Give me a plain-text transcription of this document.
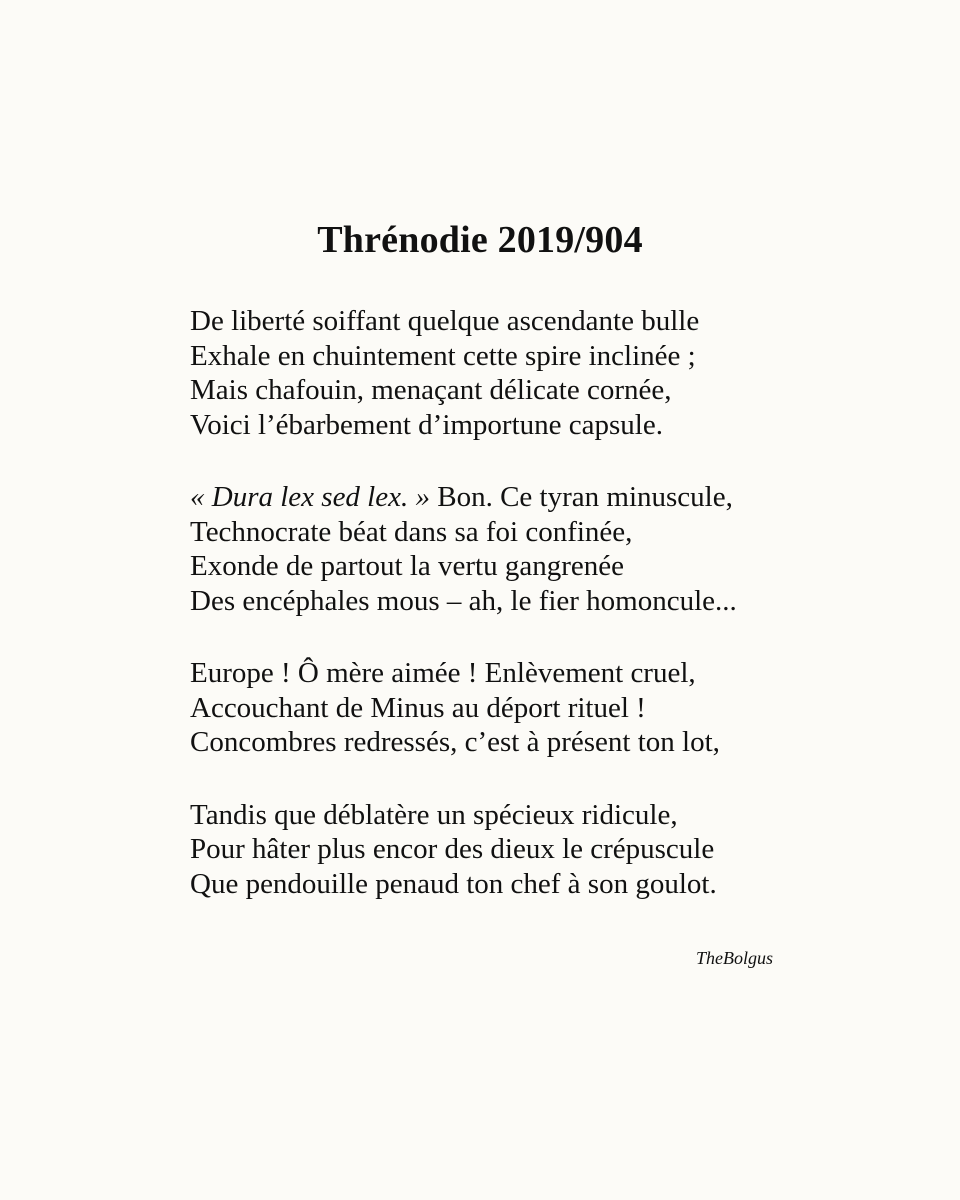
Thrénodie 2019/904
De liberté soiffant quelque ascendante bulle
Exhale en chuintement cette spire inclinée ;
Mais chafouin, menaçant délicate cornée,
Voici l’ébarbement d’importune capsule.
« Dura lex sed lex. » Bon. Ce tyran minuscule,
Technocrate béat dans sa foi confinée,
Exonde de partout la vertu gangrenée
Des encéphales mous – ah, le fier homoncule...
Europe ! Ô mère aimée ! Enlèvement cruel,
Accouchant de Minus au déport rituel !
Concombres redressés, c’est à présent ton lot,
Tandis que déblatère un spécieux ridicule,
Pour hâter plus encor des dieux le crépuscule
Que pendouille penaud ton chef à son goulot.
TheBolgus
